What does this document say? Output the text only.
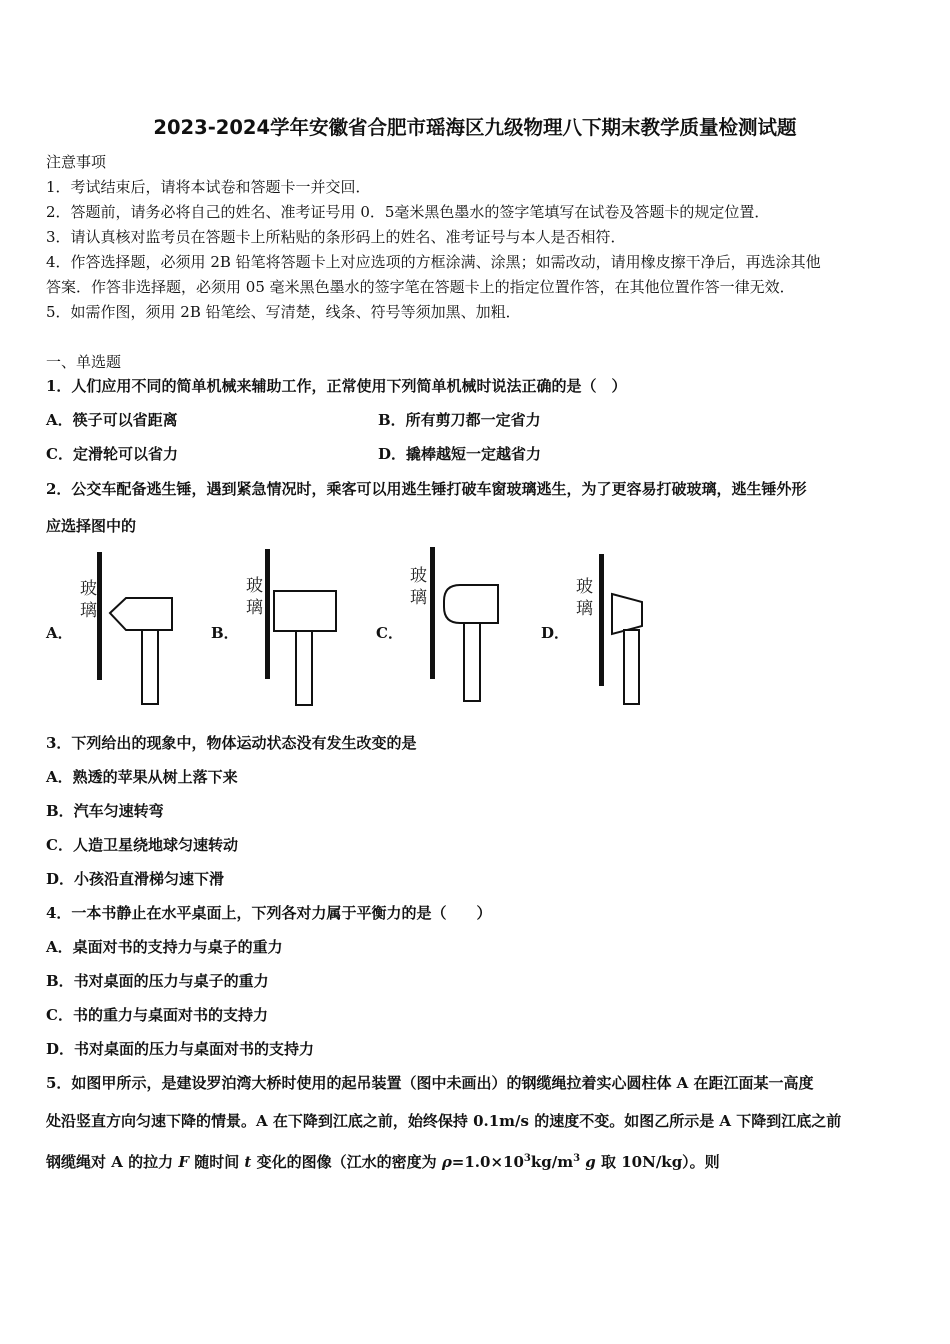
2023-2024学年安徽省合肥市瑶海区九级物理八下期末教学质量检测试题
注意事项
1．考试结束后，请将本试卷和答题卡一并交回．
2．答题前，请务必将自己的姓名、准考证号用 0．5毫米黑色墨水的签字笔填写在试卷及答题卡的规定位置．
3．请认真核对监考员在答题卡上所粘贴的条形码上的姓名、准考证号与本人是否相符．
4．作答选择题，必须用 2B 铅笔将答题卡上对应选项的方框涂满、涂黑；如需改动，请用橡皮擦干净后，再选涂其他
答案．作答非选择题，必须用 05 毫米黑色墨水的签字笔在答题卡上的指定位置作答，在其他位置作答一律无效．
5．如需作图，须用 2B 铅笔绘、写清楚，线条、符号等须加黑、加粗．
一、单选题
1．人们应用不同的简单机械来辅助工作，正常使用下列简单机械时说法正确的是（　）
A．筷子可以省距离	B．所有剪刀都一定省力
C．定滑轮可以省力	D．撬棒越短一定越省力
2．公交车配备逃生锤，遇到紧急情况时，乘客可以用逃生锤打破车窗玻璃逃生，为了更容易打破玻璃，逃生锤外形
应选择图中的
A．
玻
璃
B．
玻
璃
C．
玻
璃
D．
玻
璃
3．下列给出的现象中，物体运动状态没有发生改变的是
A．熟透的苹果从树上落下来
B．汽车匀速转弯
C．人造卫星绕地球匀速转动
D．小孩沿直滑梯匀速下滑
4．一本书静止在水平桌面上，下列各对力属于平衡力的是（　　）
A．桌面对书的支持力与桌子的重力
B．书对桌面的压力与桌子的重力
C．书的重力与桌面对书的支持力
D．书对桌面的压力与桌面对书的支持力
5．如图甲所示，是建设罗泊湾大桥时使用的起吊装置（图中未画出）的钢缆绳拉着实心圆柱体 A 在距江面某一高度
处沿竖直方向匀速下降的情景。A 在下降到江底之前，始终保持 0.1m/s 的速度不变。如图乙所示是 A 下降到江底之前
钢缆绳对 A 的拉力 F 随时间 t 变化的图像（江水的密度为 $\rho=1.0\times 10^3kg/m^3$ g 取 10N/kg）。则
